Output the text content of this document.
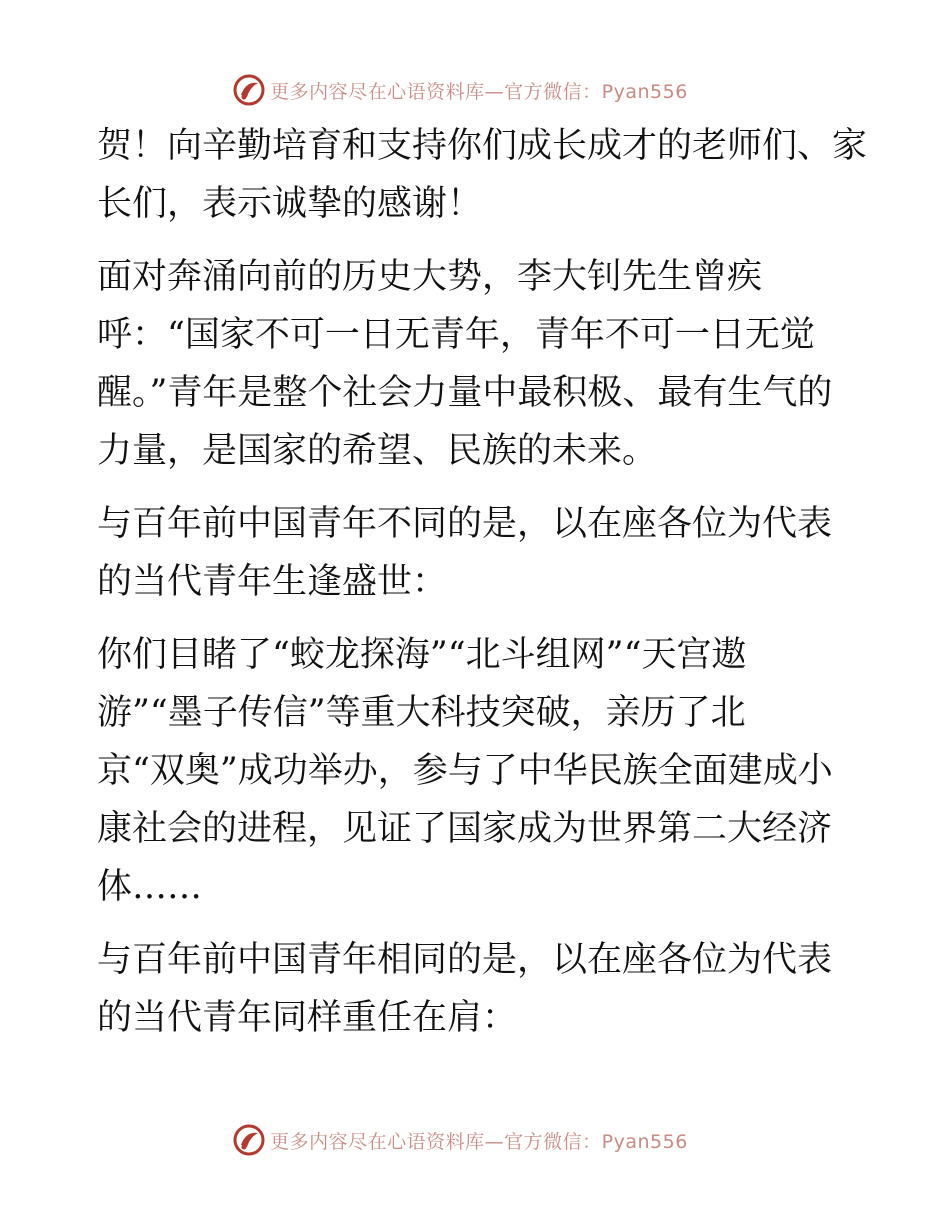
更多内容尽在心语资料库—官方微信：Pyan556
贺！向辛勤培育和支持你们成长成才的老师们、家
长们，表示诚挚的感谢！
面对奔涌向前的历史大势，李大钊先生曾疾
呼：“国家不可一日无青年，青年不可一日无觉
醒。”青年是整个社会力量中最积极、最有生气的
力量，是国家的希望、民族的未来。
与百年前中国青年不同的是，以在座各位为代表
的当代青年生逢盛世：
你们目睹了“蛟龙探海”“北斗组网”“天宫遨
游”“墨子传信”等重大科技突破，亲历了北
京“双奥”成功举办，参与了中华民族全面建成小
康社会的进程，见证了国家成为世界第二大经济
体……
与百年前中国青年相同的是，以在座各位为代表
的当代青年同样重任在肩：
更多内容尽在心语资料库—官方微信：Pyan556
